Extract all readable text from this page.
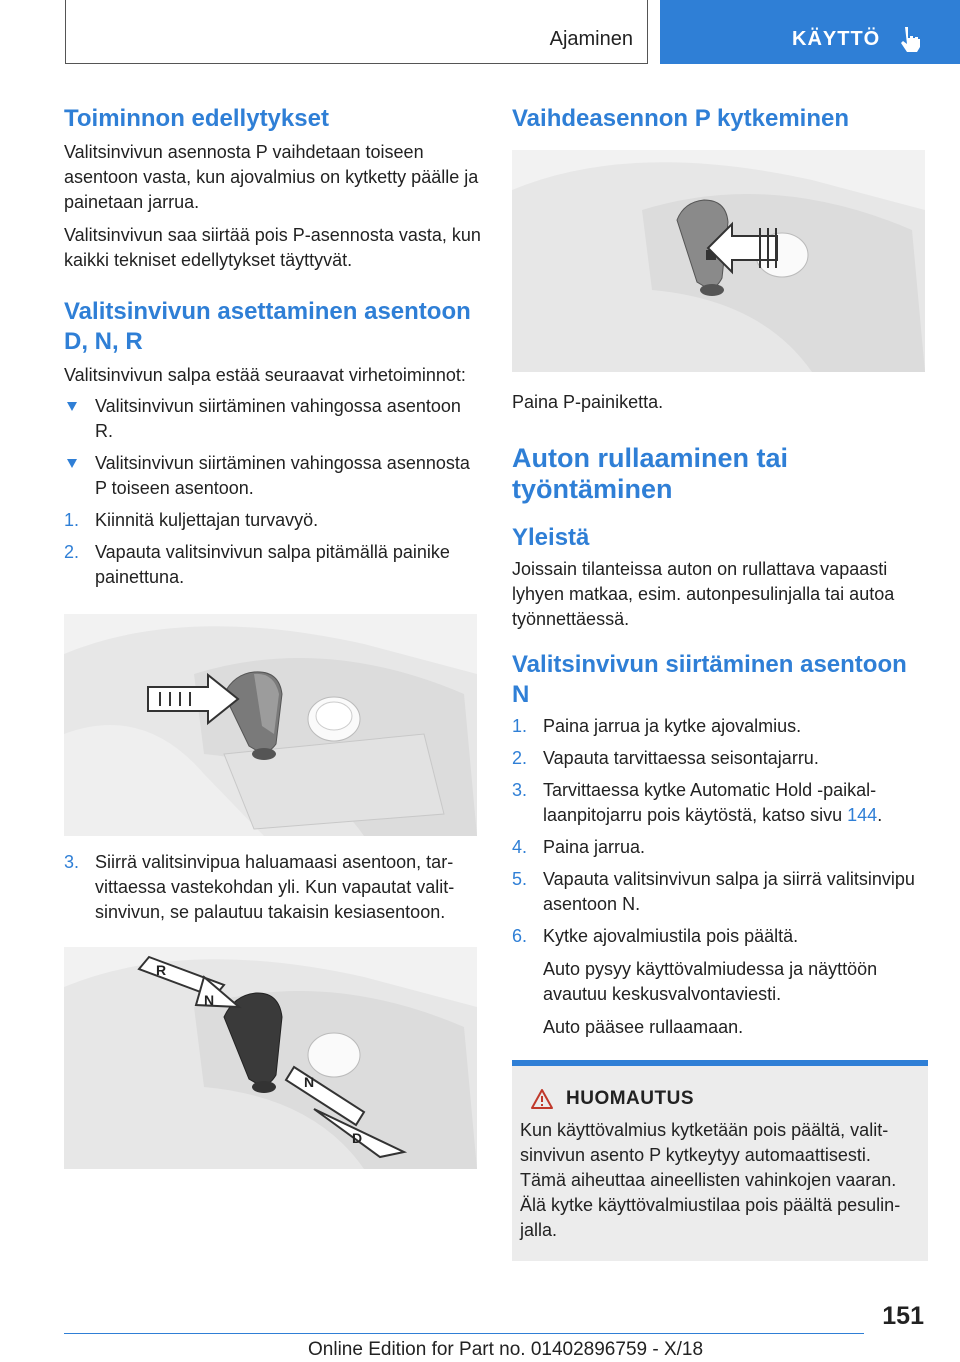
Ajaminen	KÄYTTÖ
Toiminnon edellytykset

Valitsinvivun asennosta P vaihdetaan toiseen asentoon vasta, kun ajovalmius on kytketty päälle ja painetaan jarrua.

Valitsinvivun saa siirtää pois P-asennosta vasta, kun kaikki tekniset edellytykset täyttyvät.

Valitsinvivun asettaminen asentoon D, N, R

Valitsinvivun salpa estää seuraavat virhetoiminnot:

Valitsinvivun siirtäminen vahingossa asentoon R.
Valitsinvivun siirtäminen vahingossa asennosta P toiseen asentoon.
1. Kiinnitä kuljettajan turvavyö.
2. Vapauta valitsinvivun salpa pitämällä painike painettuna.
3. Siirrä valitsinvipua haluamaasi asentoon, tarvittaessa vastekohdan yli. Kun vapautat valitsinvivun, se palautuu takaisin kesiasentoon.
R
N
N
D
Vaihdeasennon P kytkeminen

Paina P-painiketta.

Auton rullaaminen tai työntäminen
Yleistä

Joissain tilanteissa auton on rullattava vapaasti lyhyen matkaa, esim. autonpesulinjalla tai autoa työnnettäessä.

Valitsinvivun siirtäminen asentoon N
1. Paina jarrua ja kytke ajovalmius.
2. Vapauta tarvittaessa seisontajarru.
3. Tarvittaessa kytke Automatic Hold -paikallaanpitojarru pois käytöstä, katso sivu 144.
4. Paina jarrua.
5. Vapauta valitsinvivun salpa ja siirrä valitsinvipu asentoon N.
6. Kytke ajovalmiustila pois päältä.

Auto pysyy käyttövalmiudessa ja näyttöön avautuu keskusvalvontaviesti.

Auto pääsee rullaamaan.

HUOMAUTUS

Kun käyttövalmius kytketään pois päältä, valitsinvivun asento P kytkeytyy automaattisesti. Tämä aiheuttaa aineellisten vahinkojen vaaran. Älä kytke käyttövalmiustilaa pois päältä pesulinjalla.

151
Online Edition for Part no. 01402896759 - X/18
